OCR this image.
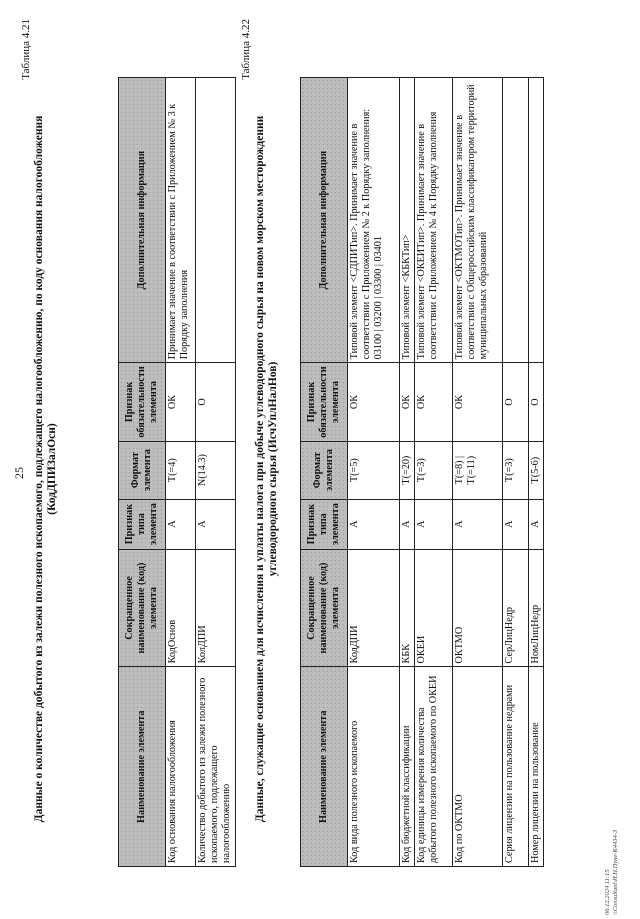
25
Таблица 4.21
Данные о количестве добытого из залежи полезного ископаемого, подлежащего налогообложению, по коду основания налогообложения (КодДПИЗалОсн)
Наименование элемента	Сокращенное наименование (код) элемента	Признак типа элемента	Формат элемента	Признак обязательности элемента	Дополнительная информация
Код основания налогообложения	КодОснов	А	Т(=4)	ОК	Принимает значение в соответствии с Приложением № 3 к Порядку заполнения
Количество добытого из залежи полезного ископаемого, подлежащего налогообложению	КолДПИ	А	N(14.3)	О	
Таблица 4.22
Данные, служащие основанием для исчисления и уплаты налога при добыче углеводородного сырья на новом морском месторождении углеводородного сырья (ИсчУплНалНов)
Наименование элемента	Сокращенное наименование (код) элемента	Признак типа элемента	Формат элемента	Признак обязательности элемента	Дополнительная информация
Код вида полезного ископаемого	КодДПИ	А	Т(=5)	ОК	Типовой элемент <СДПИТип>. Принимает значение в соответствии с Приложением № 2 к Порядку заполнения: 03100 | 03200 | 03300 | 03401
Код бюджетной классификации	КБК	А	Т(=20)	ОК	Типовой элемент <КБКТип>
Код единицы измерения количества добытого полезного ископаемого по ОКЕИ	ОКЕИ	А	Т(=3)	ОК	Типовой элемент <ОКЕИТип>. Принимает значение в соответствии с Приложением № 4 к Порядку заполнения
Код по ОКТМО	ОКТМО	А	Т(=8) | Т(=11)	ОК	Типовой элемент <ОКТМОТип>. Принимает значение в соответствии с Общероссийским классификатором территорий муниципальных образований
Серия лицензии на пользование недрами	СерЛицНедр	А	Т(=3)	О	
Номер лицензии на пользование	НомЛицНедр	А	Т(5-6)	О	
06.12.2024 11:15 \\Consultant\И.Н.Пуне-К4434-3
